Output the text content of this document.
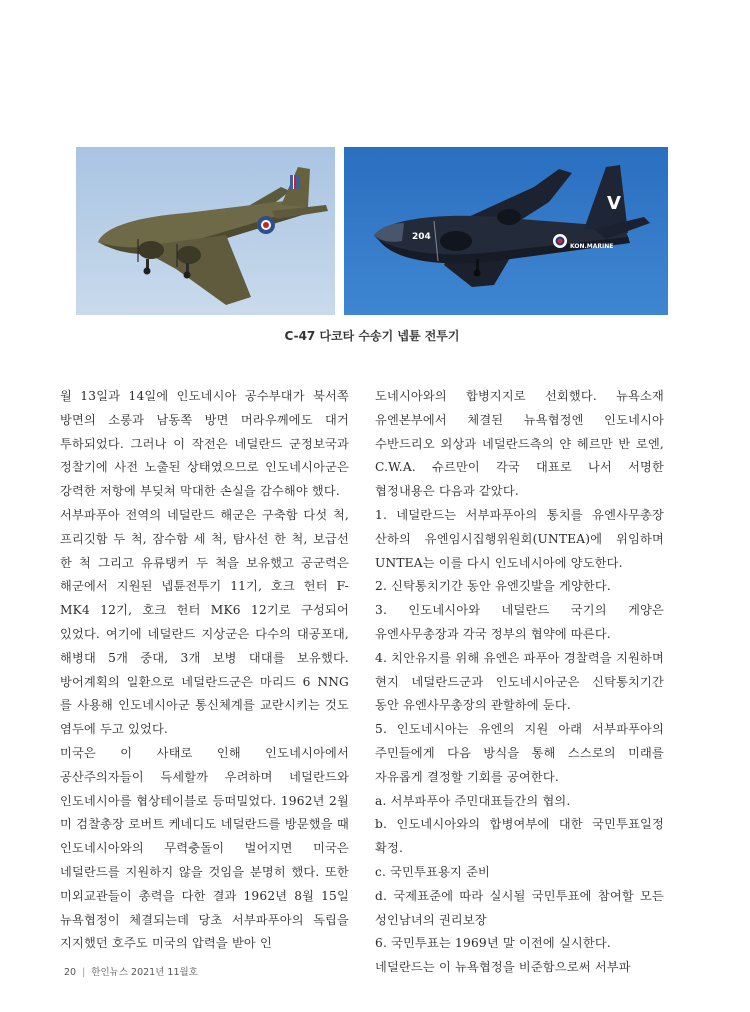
204
V
KON.MARINE
C-47 다코타 수송기 넵튠 전투기

월 13일과 14일에 인도네시아 공수부대가 북서쪽 방면의 소롱과 남동쪽 방면 머라우께에도 대거 투하되었다. 그러나 이 작전은 네덜란드 군정보국과 정찰기에 사전 노출된 상태였으므로 인도네시아군은 강력한 저항에 부딪쳐 막대한 손실을 감수해야 했다.

서부파푸아 전역의 네덜란드 해군은 구축함 다섯 척, 프리깃함 두 척, 잠수함 세 척, 탐사선 한 척, 보급선 한 척 그리고 유류탱커 두 척을 보유했고 공군력은 해군에서 지원된 넵튠전투기 11기, 호크 헌터 F-MK4 12기, 호크 헌터 MK6 12기로 구성되어 있었다. 여기에 네덜란드 지상군은 다수의 대공포대, 해병대 5개 중대, 3개 보병 대대를 보유했다. 방어계획의 일환으로 네덜란드군은 마리드 6 NNG 를 사용해 인도네시아군 통신체계를 교란시키는 것도 염두에 두고 있었다.

미국은 이 사태로 인해 인도네시아에서 공산주의자들이 득세할까 우려하며 네덜란드와 인도네시아를 협상테이블로 등떠밀었다. 1962년 2월 미 검찰총장 로버트 케네디도 네덜란드를 방문했을 때 인도네시아와의 무력충돌이 벌어지면 미국은 네덜란드를 지원하지 않을 것임을 분명히 했다. 또한 미외교관들이 총력을 다한 결과 1962년 8월 15일 뉴욕협정이 체결되는데 당초 서부파푸아의 독립을 지지했던 호주도 미국의 압력을 받아 인

도네시아와의 합병지지로 선회했다. 뉴욕소재 유엔본부에서 체결된 뉴욕협정엔 인도네시아 수반드리오 외상과 네덜란드측의 얀 헤르만 반 로엔, C.W.A. 슈르만이 각국 대표로 나서 서명한 협정내용은 다음과 같았다.

1. 네덜란드는 서부파푸아의 통치를 유엔사무총장 산하의 유엔임시집행위원회(UNTEA)에 위임하며 UNTEA는 이를 다시 인도네시아에 양도한다.

2. 신탁통치기간 동안 유엔깃발을 게양한다.

3. 인도네시아와 네덜란드 국기의 게양은 유엔사무총장과 각국 정부의 협약에 따른다.

4. 치안유지를 위해 유엔은 파푸아 경찰력을 지원하며 현지 네덜란드군과 인도네시아군은 신탁통치기간 동안 유엔사무총장의 관할하에 둔다.

5. 인도네시아는 유엔의 지원 아래 서부파푸아의 주민들에게 다음 방식을 통해 스스로의 미래를 자유롭게 결정할 기회를 공여한다.

a. 서부파푸아 주민대표들간의 협의.

b. 인도네시아와의 합병여부에 대한 국민투표일정 확정.

c. 국민투표용지 준비

d. 국제표준에 따라 실시될 국민투표에 참여할 모든 성인남녀의 권리보장

6. 국민투표는 1969년 말 이전에 실시한다.

네덜란드는 이 뉴욕협정을 비준함으로써 서부파

20 | 한인뉴스 2021년 11월호
